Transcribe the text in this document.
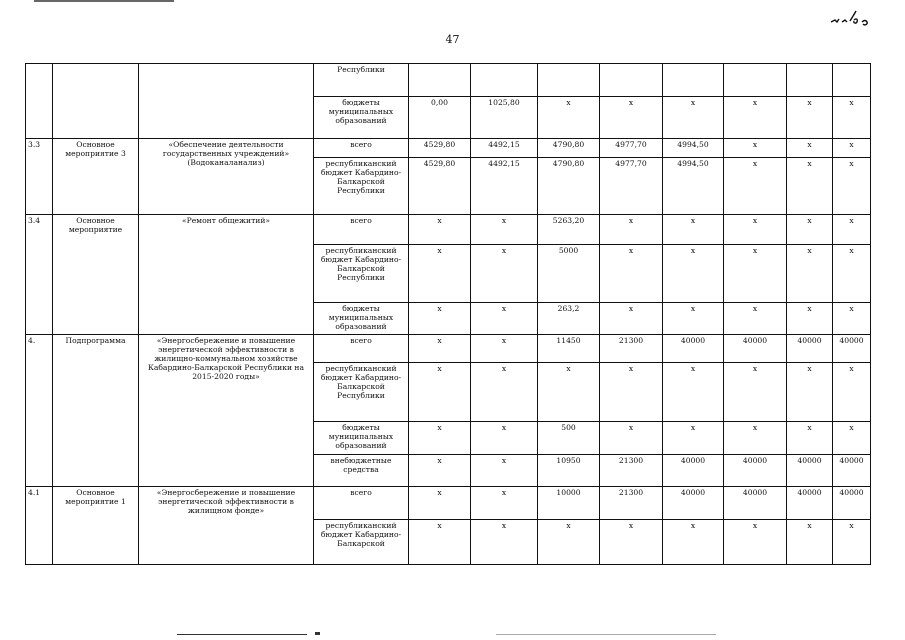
47
			Республики								
			бюджеты муниципальных образований	0,00	1025,80	x	x	x	x	x	x
3.3	Основное мероприятие 3	«Обеспечение деятельности государственных учреждений» (Водоканаланализ)	всего	4529,80	4492,15	4790,80	4977,70	4994,50	x	x	x
			республиканский бюджет Кабардино-Балкарской Республики	4529,80	4492,15	4790,80	4977,70	4994,50	x	x	x
3.4	Основное мероприятие	«Ремонт общежитий»	всего	x	x	5263,20	x	x	x	x	x
			республиканский бюджет Кабардино-Балкарской Республики	x	x	5000	x	x	x	x	x
			бюджеты муниципальных образований	x	x	263,2	x	x	x	x	x
4.	Подпрограмма	«Энергосбережение и повышение энергетической эффективности в жилищно-коммунальном хозяйстве Кабардино-Балкарской Республики на 2015-2020 годы»	всего	x	x	11450	21300	40000	40000	40000	40000
			республиканский бюджет Кабардино-Балкарской Республики	x	x	x	x	x	x	x	x
			бюджеты муниципальных образований	x	x	500	x	x	x	x	x
			внебюджетные средства	x	x	10950	21300	40000	40000	40000	40000
4.1	Основное мероприятие 1	«Энергосбережение и повышение энергетической эффективности в жилищном фонде»	всего	x	x	10000	21300	40000	40000	40000	40000
			республиканский бюджет Кабардино-Балкарской	x	x	x	x	x	x	x	x
